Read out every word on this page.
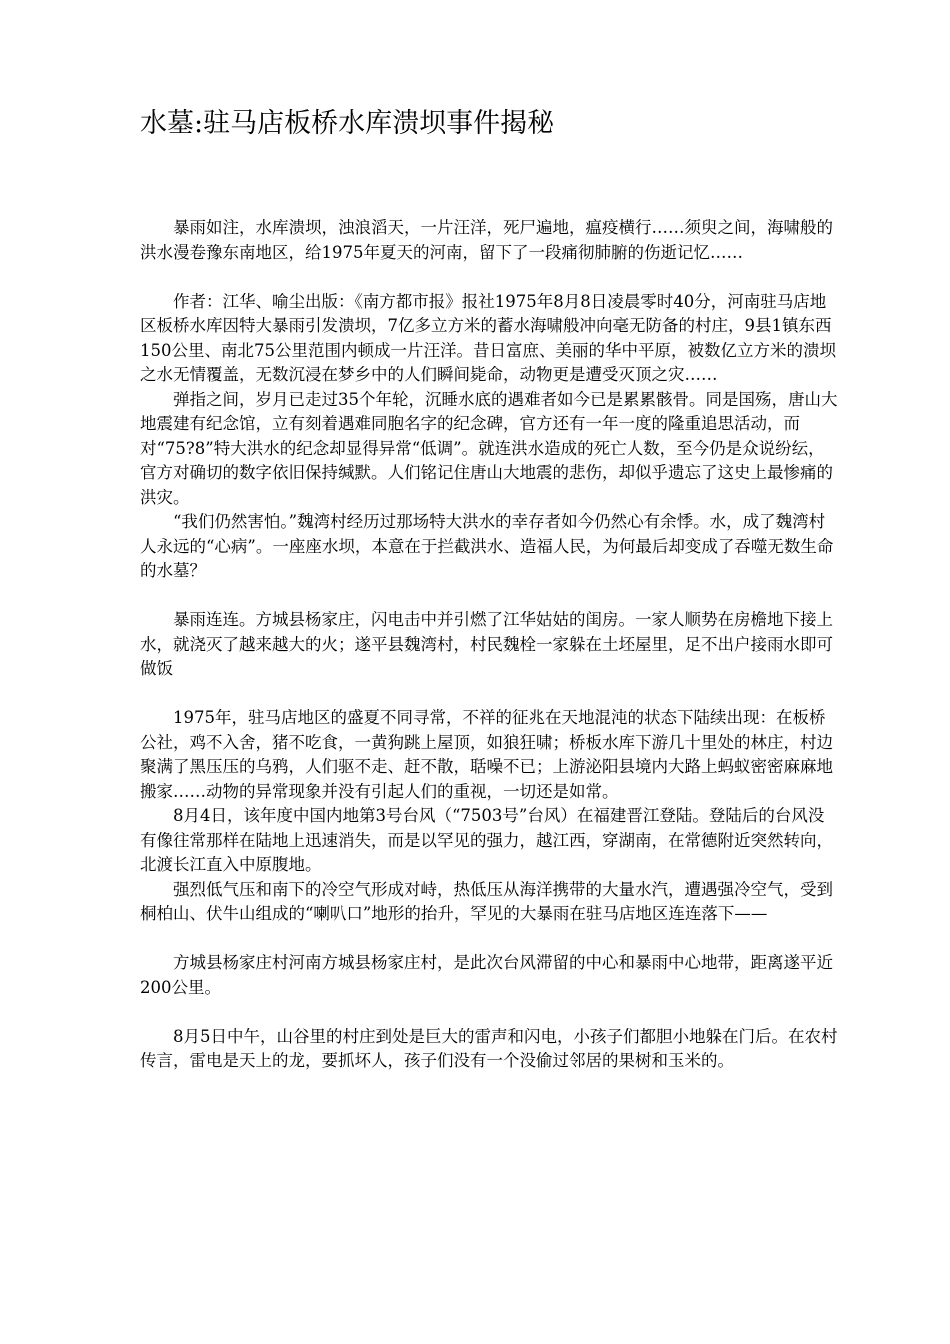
水墓:驻马店板桥水库溃坝事件揭秘

暴雨如注，水库溃坝，浊浪滔天，一片汪洋，死尸遍地，瘟疫横行……须臾之间，海啸般的洪水漫卷豫东南地区，给1975年夏天的河南，留下了一段痛彻肺腑的伤逝记忆……

作者：江华、喻尘出版：《南方都市报》报社1975年8月8日凌晨零时40分，河南驻马店地区板桥水库因特大暴雨引发溃坝，7亿多立方米的蓄水海啸般冲向毫无防备的村庄，9县1镇东西150公里、南北75公里范围内顿成一片汪洋。昔日富庶、美丽的华中平原，被数亿立方米的溃坝之水无情覆盖，无数沉浸在梦乡中的人们瞬间毙命，动物更是遭受灭顶之灾……

弹指之间，岁月已走过35个年轮，沉睡水底的遇难者如今已是累累骸骨。同是国殇，唐山大地震建有纪念馆，立有刻着遇难同胞名字的纪念碑，官方还有一年一度的隆重追思活动，而对“75?8”特大洪水的纪念却显得异常“低调”。就连洪水造成的死亡人数，至今仍是众说纷纭，官方对确切的数字依旧保持缄默。人们铭记住唐山大地震的悲伤，却似乎遗忘了这史上最惨痛的洪灾。

“我们仍然害怕。”魏湾村经历过那场特大洪水的幸存者如今仍然心有余悸。水，成了魏湾村人永远的“心病”。一座座水坝，本意在于拦截洪水、造福人民，为何最后却变成了吞噬无数生命的水墓？

暴雨连连。方城县杨家庄，闪电击中并引燃了江华姑姑的闺房。一家人顺势在房檐地下接上水，就浇灭了越来越大的火；遂平县魏湾村，村民魏栓一家躲在土坯屋里，足不出户接雨水即可做饭

1975年，驻马店地区的盛夏不同寻常，不祥的征兆在天地混沌的状态下陆续出现：在板桥公社，鸡不入舍，猪不吃食，一黄狗跳上屋顶，如狼狂啸；桥板水库下游几十里处的林庄，村边聚满了黑压压的乌鸦，人们驱不走、赶不散，聒噪不已；上游泌阳县境内大路上蚂蚁密密麻麻地搬家……动物的异常现象并没有引起人们的重视，一切还是如常。

8月4日，该年度中国内地第3号台风（“7503号”台风）在福建晋江登陆。登陆后的台风没有像往常那样在陆地上迅速消失，而是以罕见的强力，越江西，穿湖南，在常德附近突然转向，北渡长江直入中原腹地。

强烈低气压和南下的冷空气形成对峙，热低压从海洋携带的大量水汽，遭遇强冷空气，受到桐柏山、伏牛山组成的“喇叭口”地形的抬升，罕见的大暴雨在驻马店地区连连落下——

方城县杨家庄村河南方城县杨家庄村，是此次台风滞留的中心和暴雨中心地带，距离遂平近200公里。

8月5日中午，山谷里的村庄到处是巨大的雷声和闪电，小孩子们都胆小地躲在门后。在农村传言，雷电是天上的龙，要抓坏人，孩子们没有一个没偷过邻居的果树和玉米的。
